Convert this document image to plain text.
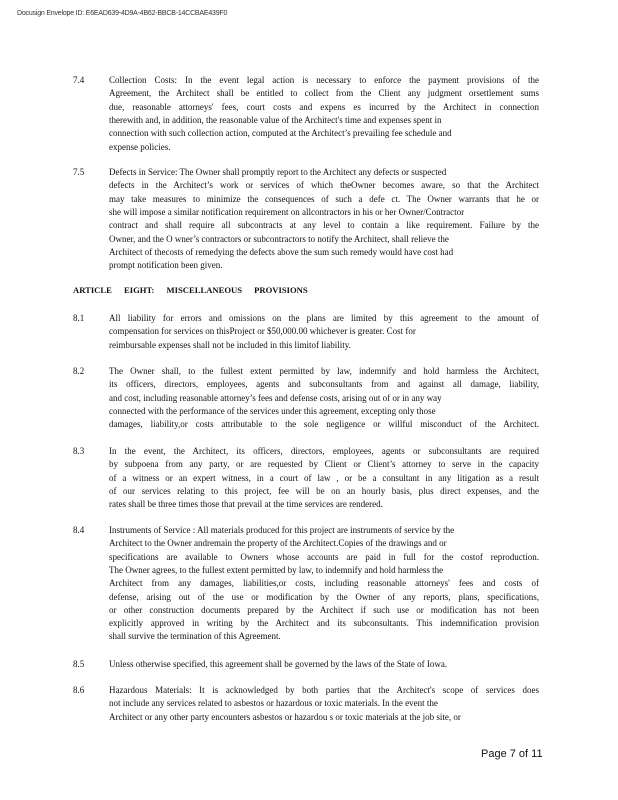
Docusign Envelope ID: E6EAD639-4D9A-4B62-BBCB-14CCBAE439F0
ARTICLE EIGHT: MISCELLANEOUS PROVISIONS
7.4	Collection Costs: In the event legal action is necessary to enforce the payment provisions of the
Agreement, the Architect shall be entitled to collect from the Client any judgment orsettlement sums
due, reasonable attorneys' fees, court costs and expens es incurred by the Architect in connection
therewith and, in addition, the reasonable value of the Architect's time and expenses spent in
connection with such collection action, computed at the Architect’s prevailing fee schedule and
expense policies.
7.5	Defects in Service: The Owner shall promptly report to the Architect any defects or suspected
defects in the Architect’s work or services of which theOwner becomes aware, so that the Architect
may take measures to minimize the consequences of such a defe ct. The Owner warrants that he or
she will impose a similar notification requirement on allcontractors in his or her Owner/Contractor
contract and shall require all subcontracts at any level to contain a like requirement. Failure by the
Owner, and the O wner’s contractors or subcontractors to notify the Architect, shall relieve the
Architect of thecosts of remedying the defects above the sum such remedy would have cost had
prompt notification been given.
8.1	All liability for errors and omissions on the plans are limited by this agreement to the amount of
compensation for services on thisProject or $50,000.00 whichever is greater. Cost for
reimbursable expenses shall not be included in this limitof liability.
8.2	The Owner shall, to the fullest extent permitted by law, indemnify and hold harmless the Architect,
its officers, directors, employees, agents and subconsultants from and against all damage, liability,
and cost, including reasonable attorney’s fees and defense costs, arising out of or in any way
connected with the performance of the services under this agreement, excepting only those
damages, liability,or costs attributable to the sole negligence or willful misconduct of the Architect.
8.3	In the event, the Architect, its officers, directors, employees, agents or subconsultants are required
by subpoena from any party, or are requested by Client or Client’s attorney to serve in the capacity
of a witness or an expert witness, in a court of law , or be a consultant in any litigation as a result
of our services relating to this project, fee will be on an hourly basis, plus direct expenses, and the
rates shall be three times those that prevail at the time services are rendered.
8.4	Instruments of Service : All materials produced for this project are instruments of service by the
Architect to the Owner andremain the property of the Architect.Copies of the drawings and or
specifications are available to Owners whose accounts are paid in full for the costof reproduction.
The Owner agrees, to the fullest extent permitted by law, to indemnify and hold harmless the
Architect from any damages, liabilities,or costs, including reasonable attorneys' fees and costs of
defense, arising out of the use or modification by the Owner of any reports, plans, specifications,
or other construction documents prepared by the Architect if such use or modification has not been
explicitly approved in writing by the Architect and its subconsultants. This indemnification provision
shall survive the termination of this Agreement.
8.5	Unless otherwise specified, this agreement shall be governed by the laws of the State of Iowa.
8.6	Hazardous Materials: It is acknowledged by both parties that the Architect's scope of services does
not include any services related to asbestos or hazardous or toxic materials. In the event the
Architect or any other party encounters asbestos or hazardou s or toxic materials at the job site, or
Page 7 of 11
